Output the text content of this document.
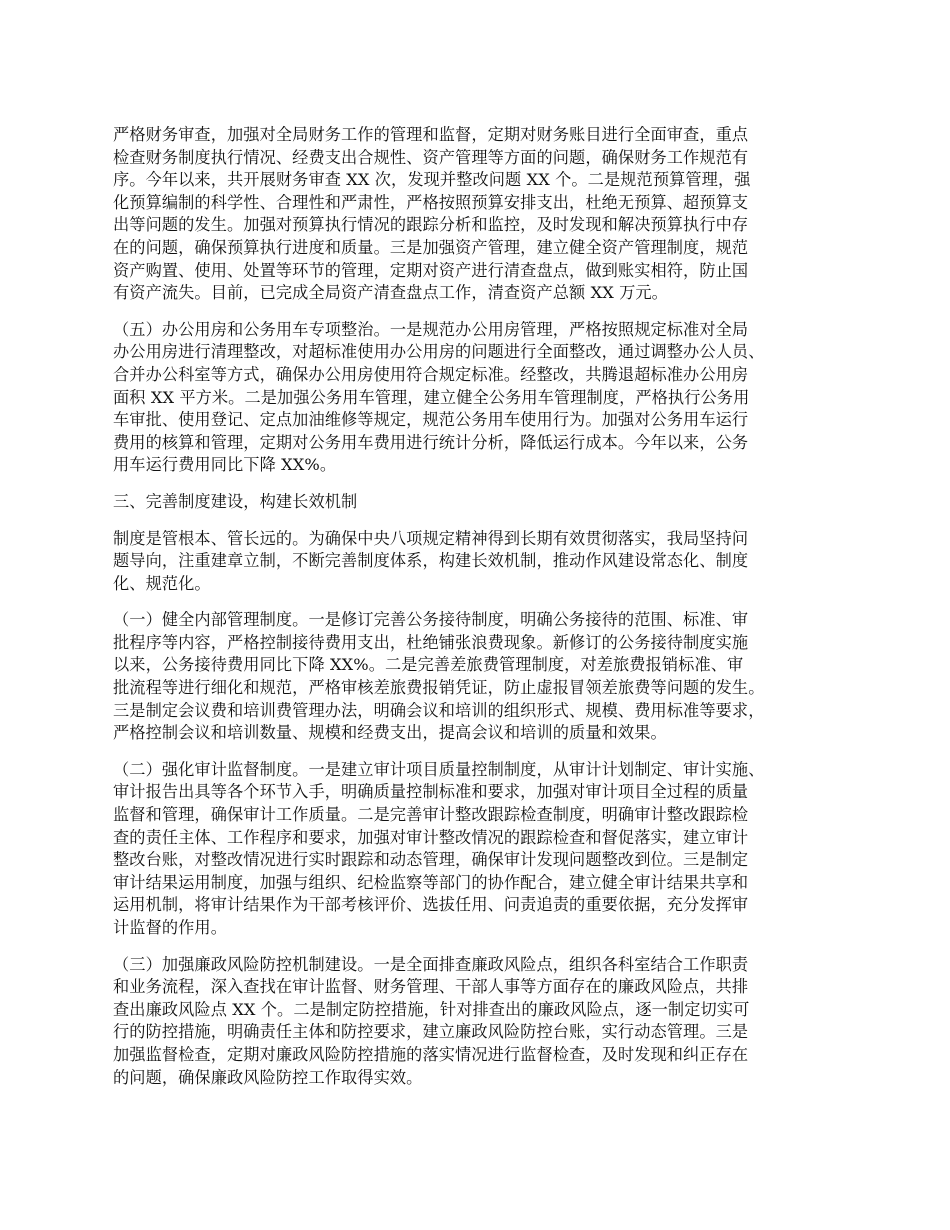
严格财务审查，加强对全局财务工作的管理和监督，定期对财务账目进行全面审查，重点
检查财务制度执行情况、经费支出合规性、资产管理等方面的问题，确保财务工作规范有
序。今年以来，共开展财务审查 XX 次，发现并整改问题 XX 个。二是规范预算管理，强
化预算编制的科学性、合理性和严肃性，严格按照预算安排支出，杜绝无预算、超预算支
出等问题的发生。加强对预算执行情况的跟踪分析和监控，及时发现和解决预算执行中存
在的问题，确保预算执行进度和质量。三是加强资产管理，建立健全资产管理制度，规范
资产购置、使用、处置等环节的管理，定期对资产进行清查盘点，做到账实相符，防止国
有资产流失。目前，已完成全局资产清查盘点工作，清查资产总额 XX 万元。

（五）办公用房和公务用车专项整治。一是规范办公用房管理，严格按照规定标准对全局
办公用房进行清理整改，对超标准使用办公用房的问题进行全面整改，通过调整办公人员、
合并办公科室等方式，确保办公用房使用符合规定标准。经整改，共腾退超标准办公用房
面积 XX 平方米。二是加强公务用车管理，建立健全公务用车管理制度，严格执行公务用
车审批、使用登记、定点加油维修等规定，规范公务用车使用行为。加强对公务用车运行
费用的核算和管理，定期对公务用车费用进行统计分析，降低运行成本。今年以来，公务
用车运行费用同比下降 XX%。

三、完善制度建设，构建长效机制

制度是管根本、管长远的。为确保中央八项规定精神得到长期有效贯彻落实，我局坚持问
题导向，注重建章立制，不断完善制度体系，构建长效机制，推动作风建设常态化、制度
化、规范化。

（一）健全内部管理制度。一是修订完善公务接待制度，明确公务接待的范围、标准、审
批程序等内容，严格控制接待费用支出，杜绝铺张浪费现象。新修订的公务接待制度实施
以来，公务接待费用同比下降 XX%。二是完善差旅费管理制度，对差旅费报销标准、审
批流程等进行细化和规范，严格审核差旅费报销凭证，防止虚报冒领差旅费等问题的发生。
三是制定会议费和培训费管理办法，明确会议和培训的组织形式、规模、费用标准等要求，
严格控制会议和培训数量、规模和经费支出，提高会议和培训的质量和效果。

（二）强化审计监督制度。一是建立审计项目质量控制制度，从审计计划制定、审计实施、
审计报告出具等各个环节入手，明确质量控制标准和要求，加强对审计项目全过程的质量
监督和管理，确保审计工作质量。二是完善审计整改跟踪检查制度，明确审计整改跟踪检
查的责任主体、工作程序和要求，加强对审计整改情况的跟踪检查和督促落实，建立审计
整改台账，对整改情况进行实时跟踪和动态管理，确保审计发现问题整改到位。三是制定
审计结果运用制度，加强与组织、纪检监察等部门的协作配合，建立健全审计结果共享和
运用机制，将审计结果作为干部考核评价、选拔任用、问责追责的重要依据，充分发挥审
计监督的作用。

（三）加强廉政风险防控机制建设。一是全面排查廉政风险点，组织各科室结合工作职责
和业务流程，深入查找在审计监督、财务管理、干部人事等方面存在的廉政风险点，共排
查出廉政风险点 XX 个。二是制定防控措施，针对排查出的廉政风险点，逐一制定切实可
行的防控措施，明确责任主体和防控要求，建立廉政风险防控台账，实行动态管理。三是
加强监督检查，定期对廉政风险防控措施的落实情况进行监督检查，及时发现和纠正存在
的问题，确保廉政风险防控工作取得实效。
